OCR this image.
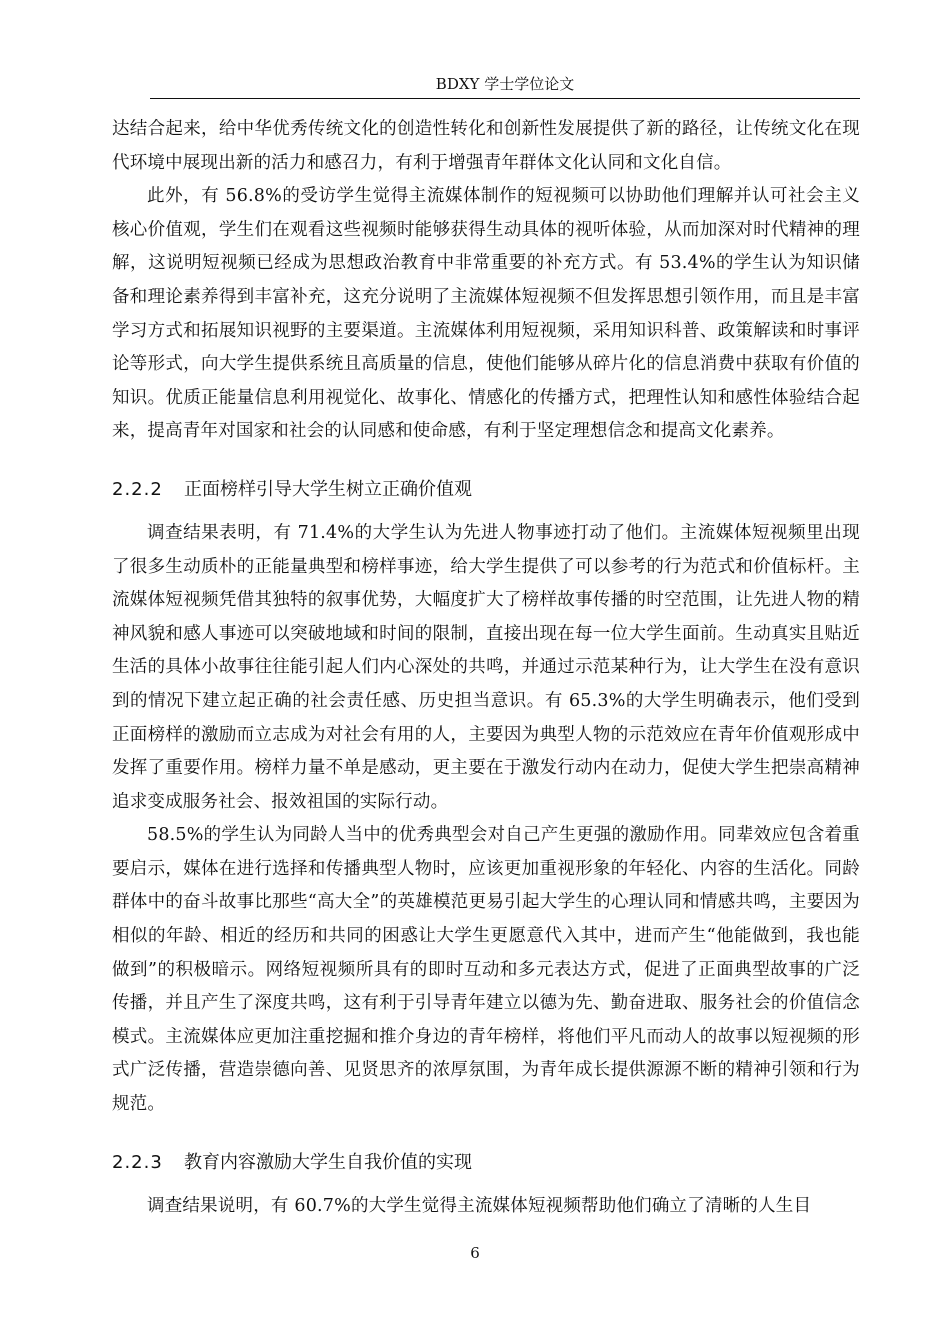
BDXY 学士学位论文

达结合起来，给中华优秀传统文化的创造性转化和创新性发展提供了新的路径，让传统文化在现代环境中展现出新的活力和感召力，有利于增强青年群体文化认同和文化自信。

此外，有 56.8%的受访学生觉得主流媒体制作的短视频可以协助他们理解并认可社会主义核心价值观，学生们在观看这些视频时能够获得生动具体的视听体验，从而加深对时代精神的理解，这说明短视频已经成为思想政治教育中非常重要的补充方式。有 53.4%的学生认为知识储备和理论素养得到丰富补充，这充分说明了主流媒体短视频不但发挥思想引领作用，而且是丰富学习方式和拓展知识视野的主要渠道。主流媒体利用短视频，采用知识科普、政策解读和时事评论等形式，向大学生提供系统且高质量的信息，使他们能够从碎片化的信息消费中获取有价值的知识。优质正能量信息利用视觉化、故事化、情感化的传播方式，把理性认知和感性体验结合起来，提高青年对国家和社会的认同感和使命感，有利于坚定理想信念和提高文化素养。

2.2.2 正面榜样引导大学生树立正确价值观

调查结果表明，有 71.4%的大学生认为先进人物事迹打动了他们。主流媒体短视频里出现了很多生动质朴的正能量典型和榜样事迹，给大学生提供了可以参考的行为范式和价值标杆。主流媒体短视频凭借其独特的叙事优势，大幅度扩大了榜样故事传播的时空范围，让先进人物的精神风貌和感人事迹可以突破地域和时间的限制，直接出现在每一位大学生面前。生动真实且贴近生活的具体小故事往往能引起人们内心深处的共鸣，并通过示范某种行为，让大学生在没有意识到的情况下建立起正确的社会责任感、历史担当意识。有 65.3%的大学生明确表示，他们受到正面榜样的激励而立志成为对社会有用的人，主要因为典型人物的示范效应在青年价值观形成中发挥了重要作用。榜样力量不单是感动，更主要在于激发行动内在动力，促使大学生把崇高精神追求变成服务社会、报效祖国的实际行动。

58.5%的学生认为同龄人当中的优秀典型会对自己产生更强的激励作用。同辈效应包含着重要启示，媒体在进行选择和传播典型人物时，应该更加重视形象的年轻化、内容的生活化。同龄群体中的奋斗故事比那些“高大全”的英雄模范更易引起大学生的心理认同和情感共鸣，主要因为相似的年龄、相近的经历和共同的困惑让大学生更愿意代入其中，进而产生“他能做到，我也能做到”的积极暗示。网络短视频所具有的即时互动和多元表达方式，促进了正面典型故事的广泛传播，并且产生了深度共鸣，这有利于引导青年建立以德为先、勤奋进取、服务社会的价值信念模式。主流媒体应更加注重挖掘和推介身边的青年榜样，将他们平凡而动人的故事以短视频的形式广泛传播，营造崇德向善、见贤思齐的浓厚氛围，为青年成长提供源源不断的精神引领和行为规范。

2.2.3 教育内容激励大学生自我价值的实现

调查结果说明，有 60.7%的大学生觉得主流媒体短视频帮助他们确立了清晰的人生目

6
